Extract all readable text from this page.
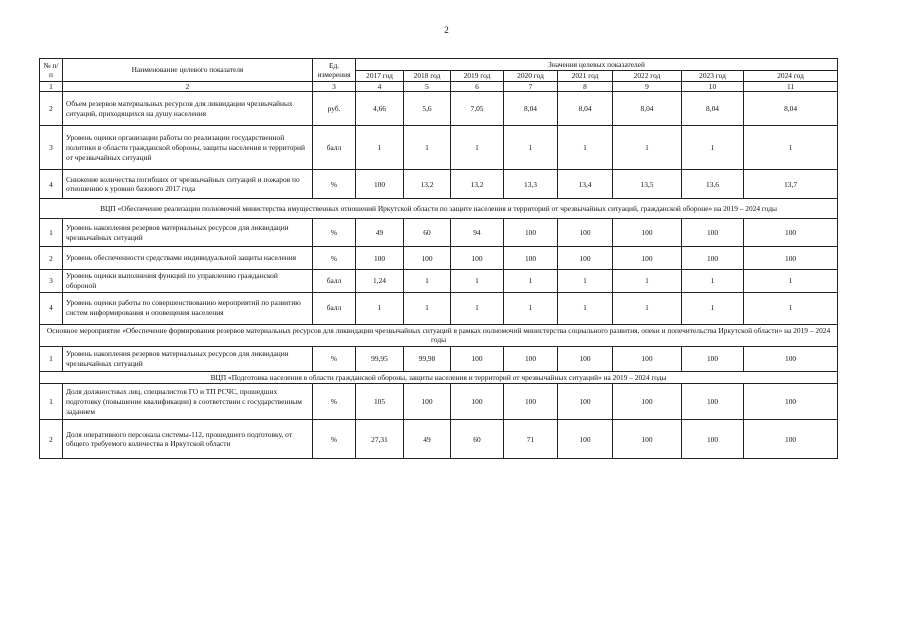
2
№ п/п	Наименование целевого показателя	Ед. измерения	Значения целевых показателей							
			2017 год	2018 год	2019 год	2020 год	2021 год	2022 год	2023 год	2024 год
1	2	3	4	5	6	7	8	9	10	11
2	Объем резервов материальных ресурсов для ликвидации чрезвычайных ситуаций, приходящихся на душу населения	руб.	4,66	5,6	7,05	8,04	8,04	8,04	8,04	8,04
3	Уровень оценки организации работы по реализации государственной политики в области гражданской обороны, защиты населения и территорий от чрезвычайных ситуаций	балл	1	1	1	1	1	1	1	1
4	Снижение количества погибших от чрезвычайных ситуаций и пожаров по отношению к уровню базового 2017 года	%	100	13,2	13,2	13,3	13,4	13,5	13,6	13,7
ВЦП «Обеспечение реализации полномочий министерства имущественных отношений Иркутской области по защите населения и территорий от чрезвычайных ситуаций, гражданской обороне» на 2019 – 2024 годы										
1	Уровень накопления резервов материальных ресурсов для ликвидации чрезвычайных ситуаций	%	49	60	94	100	100	100	100	100
2	Уровень обеспеченности средствами индивидуальной защиты населения	%	100	100	100	100	100	100	100	100
3	Уровень оценки выполнения функций по управлению гражданской обороной	балл	1,24	1	1	1	1	1	1	1
4	Уровень оценки работы по совершенствованию мероприятий по развитию систем информирования и оповещения населения	балл	1	1	1	1	1	1	1	1
Основное мероприятие «Обеспечение формирования резервов материальных ресурсов для ликвидации чрезвычайных ситуаций в рамках полномочий министерства социального развития, опеки и попечительства Иркутской области» на 2019 – 2024 годы										
1	Уровень накопления резервов материальных ресурсов для ликвидации чрезвычайных ситуаций	%	99,95	99,98	100	100	100	100	100	100
ВЦП «Подготовка населения в области гражданской обороны, защиты населения и территорий от чрезвычайных ситуаций» на 2019 – 2024 годы										
1	Доля должностных лиц, специалистов ГО и ТП РСЧС, прошедших подготовку (повышение квалификации) в соответствии с государственным заданием	%	105	100	100	100	100	100	100	100
2	Доля оперативного персонала системы-112, прошедшего подготовку, от общего требуемого количества в Иркутской области	%	27,31	49	60	71	100	100	100	100
